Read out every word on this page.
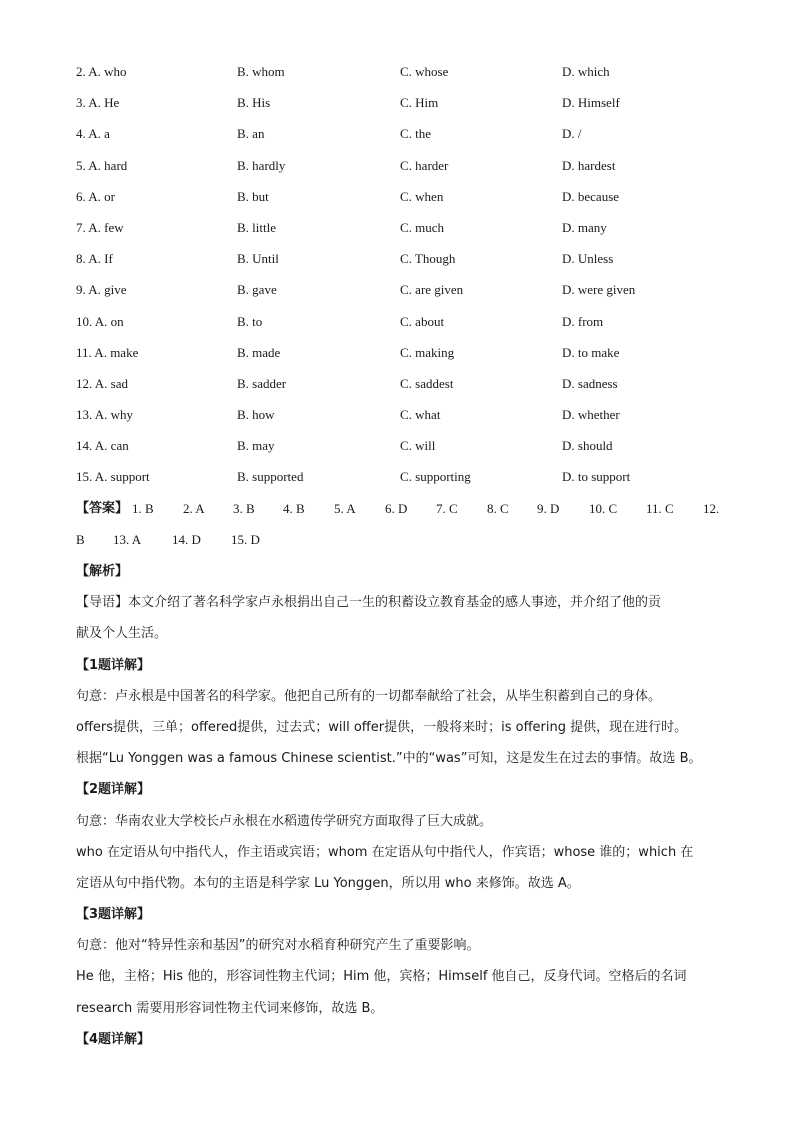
2. A. who	B. whom	C. whose	D. which
3. A. He	B. His	C. Him	D. Himself
4. A. a	B. an	C. the	D. /
5. A. hard	B. hardly	C. harder	D. hardest
6. A. or	B. but	C. when	D. because
7. A. few	B. little	C. much	D. many
8. A. If	B. Until	C. Though	D. Unless
9. A. give	B. gave	C. are given	D. were given
10. A. on	B. to	C. about	D. from
11. A. make	B. made	C. making	D. to make
12. A. sad	B. sadder	C. saddest	D. sadness
13. A. why	B. how	C. what	D. whether
14. A. can	B. may	C. will	D. should
15. A. support	B. supported	C. supporting	D. to support
【答案】 1. B 2. A 3. B 4. B 5. A 6. D 7. C 8. C 9. D 10. C 11. C 12.
B 13. A 14. D 15. D
【解析】
【导语】本文介绍了著名科学家卢永根捐出自己一生的积蓄设立教育基金的感人事迹，并介绍了他的贡
献及个人生活。
【1题详解】
句意：卢永根是中国著名的科学家。他把自己所有的一切都奉献给了社会，从毕生积蓄到自己的身体。
offers提供，三单；offered提供，过去式；will offer提供，一般将来时；is offering 提供，现在进行时。
根据“Lu Yonggen was a famous Chinese scientist.”中的“was”可知，这是发生在过去的事情。故选 B。
【2题详解】
句意：华南农业大学校长卢永根在水稻遗传学研究方面取得了巨大成就。
who 在定语从句中指代人，作主语或宾语；whom 在定语从句中指代人，作宾语；whose 谁的；which 在
定语从句中指代物。本句的主语是科学家 Lu Yonggen，所以用 who 来修饰。故选 A。
【3题详解】
句意：他对“特异性亲和基因”的研究对水稻育种研究产生了重要影响。
He 他，主格；His 他的，形容词性物主代词；Him 他，宾格；Himself 他自己，反身代词。空格后的名词
research 需要用形容词性物主代词来修饰，故选 B。
【4题详解】
